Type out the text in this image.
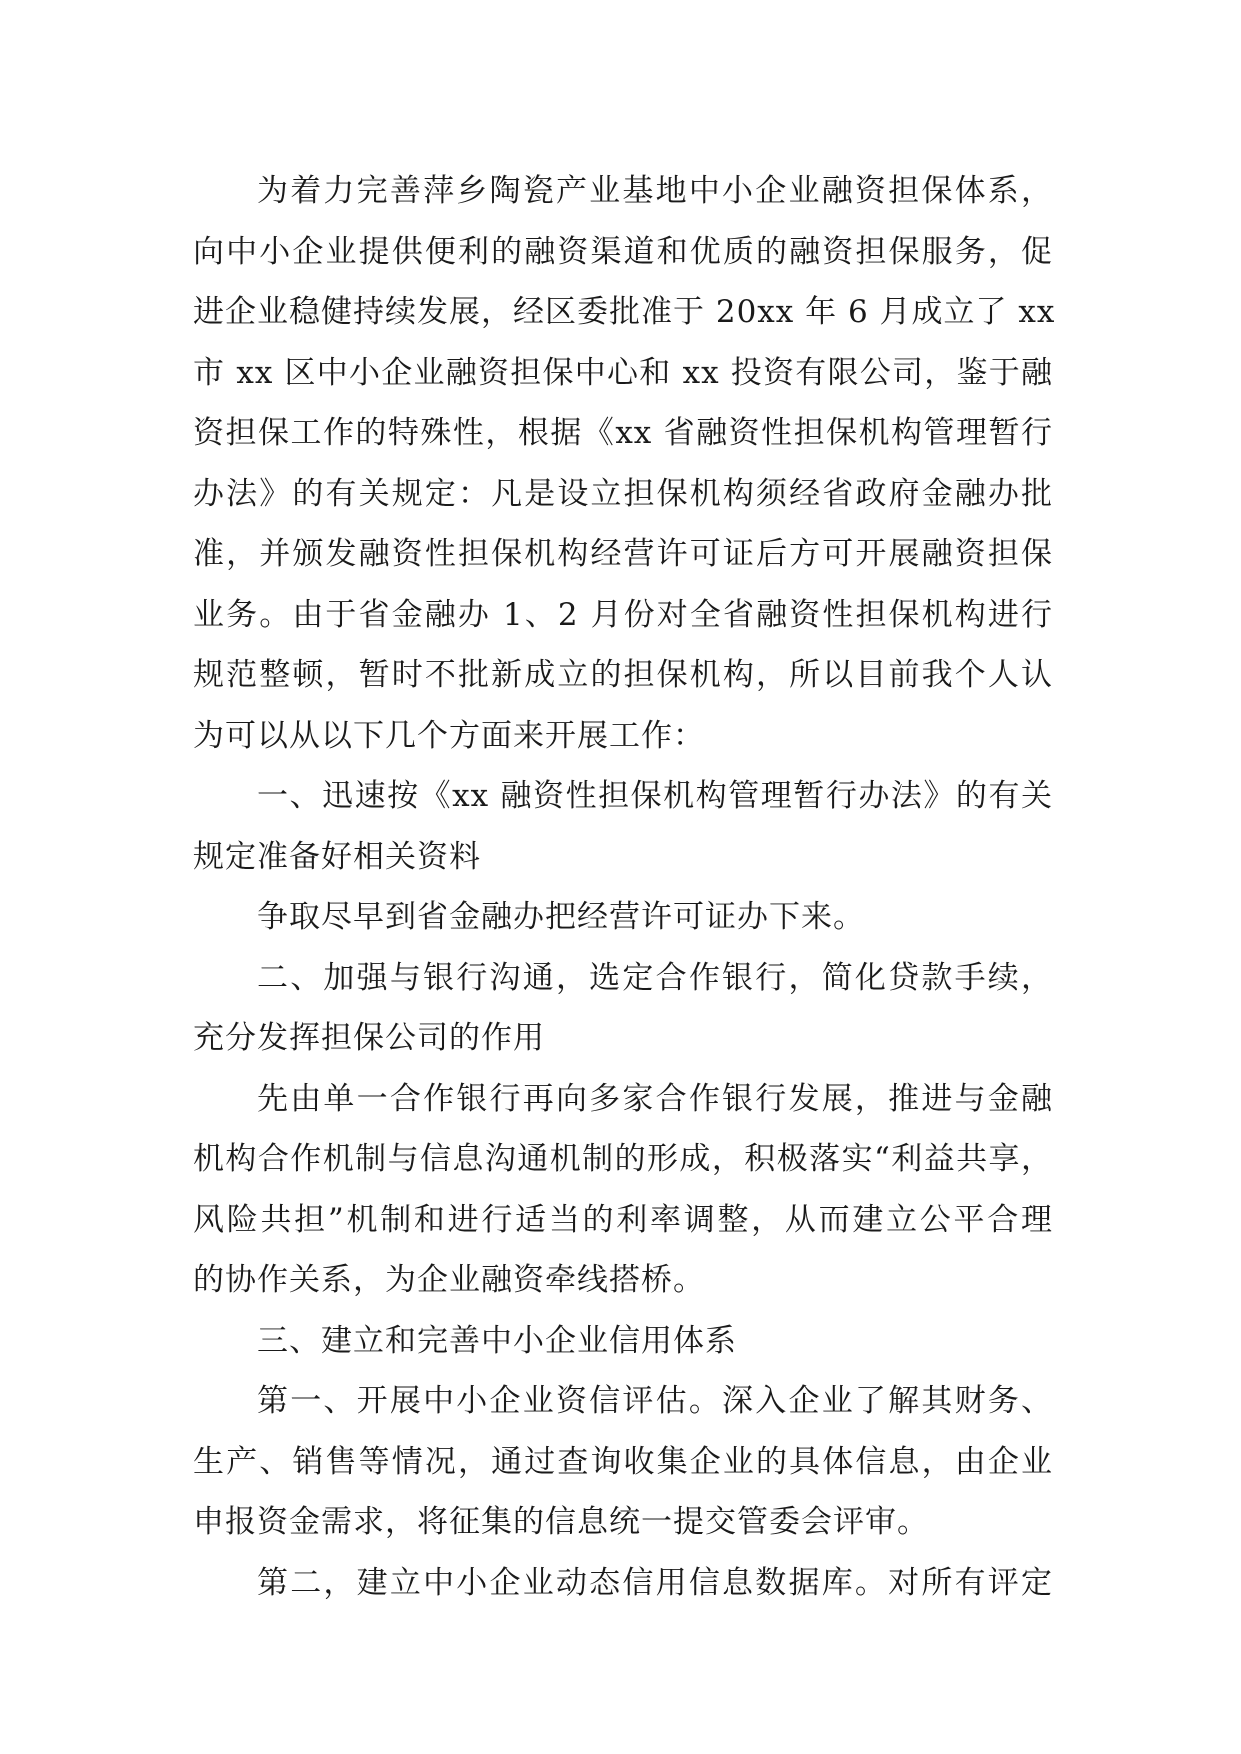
为着力完善萍乡陶瓷产业基地中小企业融资担保体系，
向中小企业提供便利的融资渠道和优质的融资担保服务，促
进企业稳健持续发展，经区委批准于 20xx 年 6 月成立了 xx
市 xx 区中小企业融资担保中心和 xx 投资有限公司，鉴于融
资担保工作的特殊性，根据《xx 省融资性担保机构管理暂行
办法》的有关规定：凡是设立担保机构须经省政府金融办批
准，并颁发融资性担保机构经营许可证后方可开展融资担保
业务。由于省金融办 1、2 月份对全省融资性担保机构进行
规范整顿，暂时不批新成立的担保机构，所以目前我个人认
为可以从以下几个方面来开展工作：
一、迅速按《xx 融资性担保机构管理暂行办法》的有关
规定准备好相关资料
争取尽早到省金融办把经营许可证办下来。
二、加强与银行沟通，选定合作银行，简化贷款手续，
充分发挥担保公司的作用
先由单一合作银行再向多家合作银行发展，推进与金融
机构合作机制与信息沟通机制的形成，积极落实“利益共享，
风险共担”机制和进行适当的利率调整，从而建立公平合理
的协作关系，为企业融资牵线搭桥。
三、建立和完善中小企业信用体系
第一、开展中小企业资信评估。深入企业了解其财务、
生产、销售等情况，通过查询收集企业的具体信息，由企业
申报资金需求，将征集的信息统一提交管委会评审。
第二，建立中小企业动态信用信息数据库。对所有评定
